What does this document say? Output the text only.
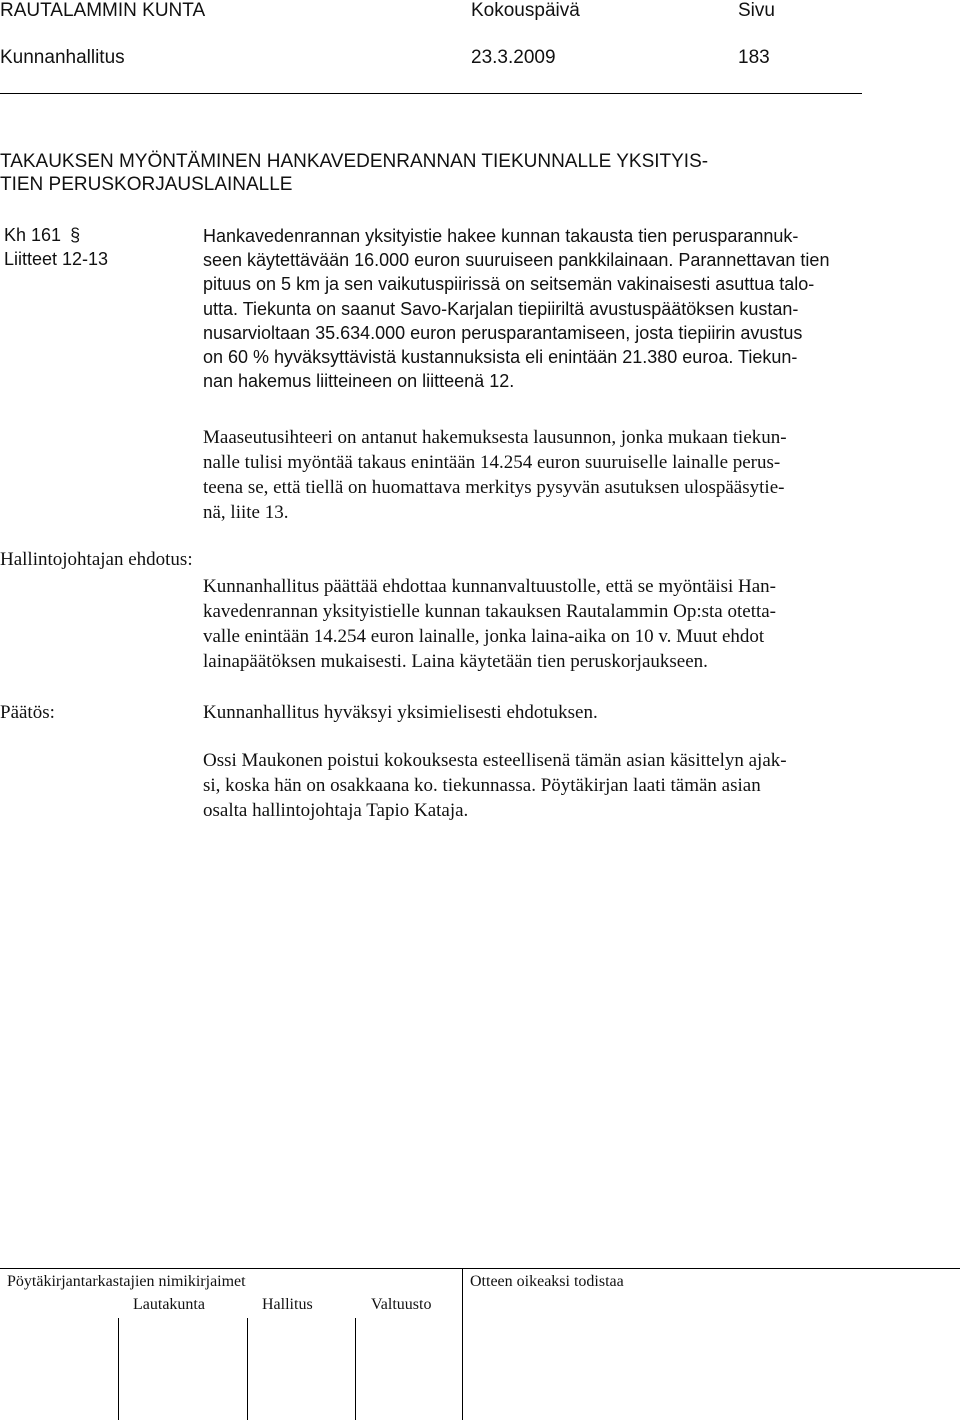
RAUTALAMMIN KUNTA	Kokouspäivä	Sivu
Kunnanhallitus	23.3.2009	183
TAKAUKSEN MYÖNTÄMINEN HANKAVEDENRANNAN TIEKUNNALLE YKSITYIS-
TIEN PERUSKORJAUSLAINALLE
Kh 161 §
Liitteet 12-13
Hankavedenrannan yksityistie hakee kunnan takausta tien perusparannuk-
seen käytettävään 16.000 euron suuruiseen pankkilainaan. Parannettavan tien
pituus on 5 km ja sen vaikutuspiirissä on seitsemän vakinaisesti asuttua talo-
utta. Tiekunta on saanut Savo-Karjalan tiepiiriltä avustuspäätöksen kustan-
nusarvioltaan 35.634.000 euron perusparantamiseen, josta tiepiirin avustus
on 60 % hyväksyttävistä kustannuksista eli enintään 21.380 euroa. Tiekun-
nan hakemus liitteineen on liitteenä 12.
Maaseutusihteeri on antanut hakemuksesta lausunnon, jonka mukaan tiekun-
nalle tulisi myöntää takaus enintään 14.254 euron suuruiselle lainalle perus-
teena se, että tiellä on huomattava merkitys pysyvän asutuksen ulospääsytie-
nä, liite 13.
Hallintojohtajan ehdotus:
Kunnanhallitus päättää ehdottaa kunnanvaltuustolle, että se myöntäisi Han-
kavedenrannan yksityistielle kunnan takauksen Rautalammin Op:sta otetta-
valle enintään 14.254 euron lainalle, jonka laina-aika on 10 v. Muut ehdot
lainapäätöksen mukaisesti. Laina käytetään tien peruskorjaukseen.
Päätös:	Kunnanhallitus hyväksyi yksimielisesti ehdotuksen.
Ossi Maukonen poistui kokouksesta esteellisenä tämän asian käsittelyn ajak-
si, koska hän on osakkaana ko. tiekunnassa. Pöytäkirjan laati tämän asian
osalta hallintojohtaja Tapio Kataja.
Pöytäkirjantarkastajien nimikirjaimet	Otteen oikeaksi todistaa
Lautakunta	Hallitus	Valtuusto
